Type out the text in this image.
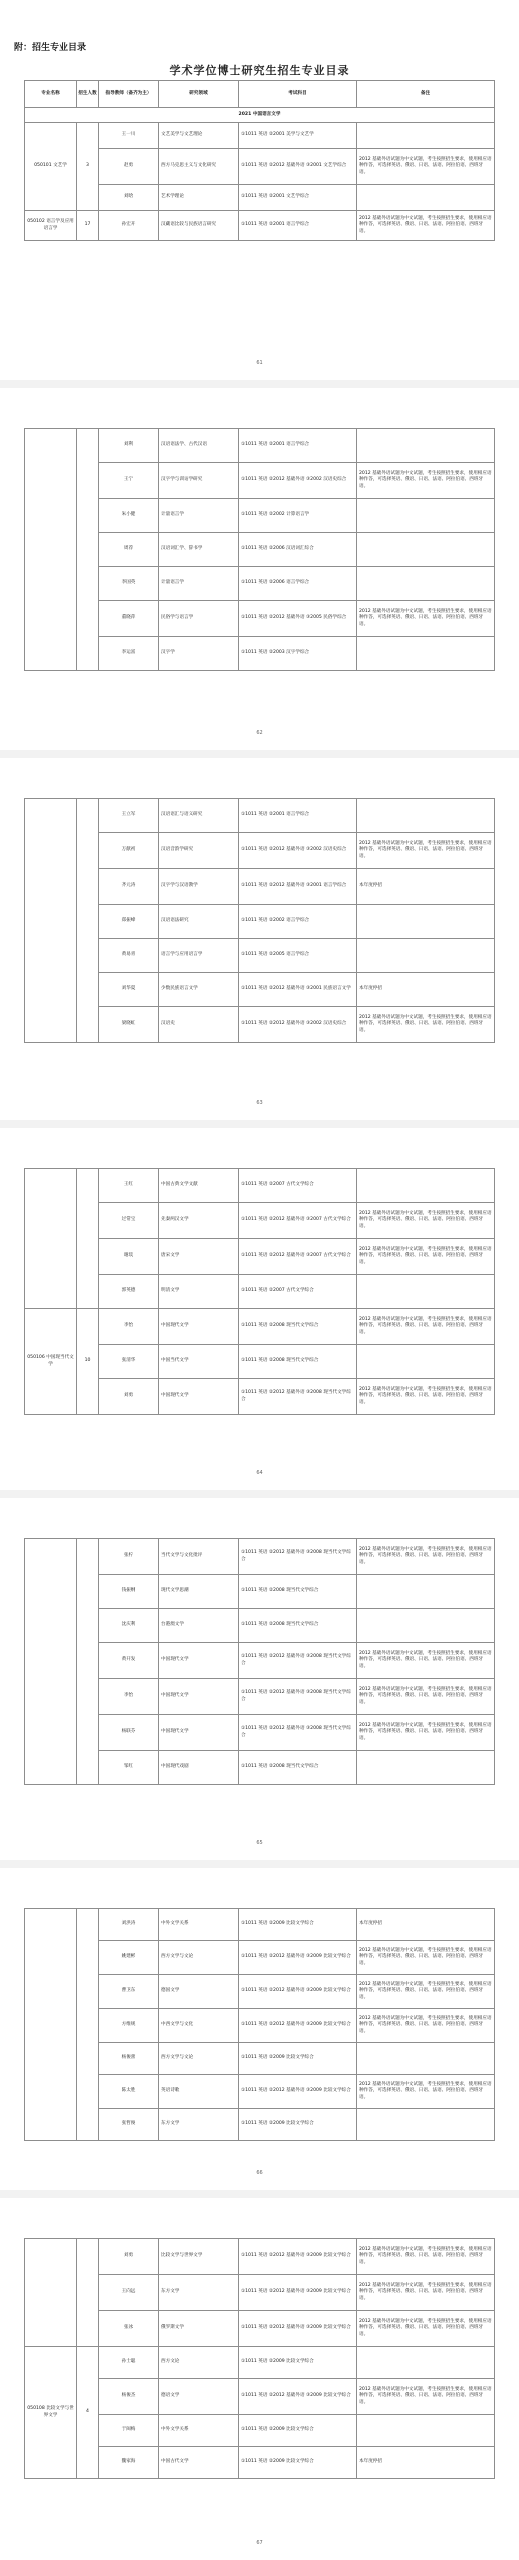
附：招生专业目录
学术学位博士研究生招生专业目录
专业名称	招生人数	指导教师（备齐为主）	研究领域	考试科目	备注
2021 中国语言文学					
050101 文艺学	3	王一川	文艺美学与文艺理论	①1011 英语 ②2001 美学与文艺学	
		赵勇	西方马克思主义与文化研究	①1011 英语 ②2012 基础外语 ③2001 文艺学综合	2012 基础外语试题为中文试题，考生按照招生要求，使用相应语种作答，可选择英语、俄语、日语、法语、阿拉伯语、西班牙语。
		刘晗	艺术学理论	①1011 英语 ②2001 文艺学综合	
050102 语言学及应用语言学	17	孙宏开	汉藏语比较与民族语言研究	①1011 英语 ②2001 语言学综合	2012 基础外语试题为中文试题，考生按照招生要求，使用相应语种作答，可选择英语、俄语、日语、法语、阿拉伯语、西班牙语。
61
		刘利	汉语语法学、古代汉语	①1011 英语 ②2001 语言学综合	
		王宁	汉字学与训诂学研究	①1011 英语 ②2012 基础外语 ③2002 汉语史综合	2012 基础外语试题为中文试题，考生按照招生要求，使用相应语种作答，可选择英语、俄语、日语、法语、阿拉伯语、西班牙语。
		朱小健	计量语言学	①1011 英语 ②2002 计算语言学	
		周荐	汉语词汇学、辞书学	①1011 英语 ②2006 汉语词汇综合	
		李国英	计量语言学	①1011 英语 ②2006 语言学综合	
		董晓萍	民俗学与语言学	①1011 英语 ②2012 基础外语 ③2005 民俗学综合	2012 基础外语试题为中文试题，考生按照招生要求，使用相应语种作答，可选择英语、俄语、日语、法语、阿拉伯语、西班牙语。
		李运富	汉字学	①1011 英语 ②2003 汉字学综合	
62
		王立军	汉语语汇与语义研究	①1011 英语 ②2001 语言学综合	
		万献初	汉语音韵学研究	①1011 英语 ②2012 基础外语 ③2002 汉语史综合	2012 基础外语试题为中文试题，考生按照招生要求，使用相应语种作答，可选择英语、俄语、日语、法语、阿拉伯语、西班牙语。
		齐元涛	汉字学与汉语教学	①1011 英语 ②2012 基础外语 ③2001 语言学综合	本年度停招
		郑振峰	汉语语法研究	①1011 英语 ②2002 语言学综合	
		黄易青	语言学与应用语言学	①1011 英语 ②2005 语言学综合	
		刘华夏	少数民族语言文学	①1011 英语 ②2012 基础外语 ③2001 民族语言文学	本年度停招
		梁晓虹	汉语史	①1011 英语 ②2012 基础外语 ③2002 汉语史综合	2012 基础外语试题为中文试题，考生按照招生要求，使用相应语种作答，可选择英语、俄语、日语、法语、阿拉伯语、西班牙语。
63
		王红	中国古典文学文献	①1011 英语 ②2007 古代文学综合	
		过常宝	先秦两汉文学	①1011 英语 ②2012 基础外语 ③2007 古代文学综合	2012 基础外语试题为中文试题，考生按照招生要求，使用相应语种作答，可选择英语、俄语、日语、法语、阿拉伯语、西班牙语。
		谢琰	唐宋文学	①1011 英语 ②2012 基础外语 ③2007 古代文学综合	2012 基础外语试题为中文试题，考生按照招生要求，使用相应语种作答，可选择英语、俄语、日语、法语、阿拉伯语、西班牙语。
		郭英德	明清文学	①1011 英语 ②2007 古代文学综合	
050106 中国现当代文学	10	李怡	中国现代文学	①1011 英语 ②2008 现当代文学综合	2012 基础外语试题为中文试题，考生按照招生要求，使用相应语种作答，可选择英语、俄语、日语、法语、阿拉伯语、西班牙语。
		张清华	中国当代文学	①1011 英语 ②2008 现当代文学综合	
		刘勇	中国现代文学	①1011 英语 ②2012 基础外语 ③2008 现当代文学综合	2012 基础外语试题为中文试题，考生按照招生要求，使用相应语种作答，可选择英语、俄语、日语、法语、阿拉伯语、西班牙语。
64
		张柠	当代文学与文化批评	①1011 英语 ②2012 基础外语 ③2008 现当代文学综合	2012 基础外语试题为中文试题，考生按照招生要求，使用相应语种作答，可选择英语、俄语、日语、法语、阿拉伯语、西班牙语。
		钱振纲	现代文学思潮	①1011 英语 ②2008 现当代文学综合	
		沈庆利	台港澳文学	①1011 英语 ②2008 现当代文学综合	
		黄开发	中国现代文学	①1011 英语 ②2012 基础外语 ③2008 现当代文学综合	2012 基础外语试题为中文试题，考生按照招生要求，使用相应语种作答，可选择英语、俄语、日语、法语、阿拉伯语、西班牙语。
		李怡	中国现代文学	①1011 英语 ②2012 基础外语 ③2008 现当代文学综合	2012 基础外语试题为中文试题，考生按照招生要求，使用相应语种作答，可选择英语、俄语、日语、法语、阿拉伯语、西班牙语。
		杨联芬	中国现代文学	①1011 英语 ②2012 基础外语 ③2008 现当代文学综合	2012 基础外语试题为中文试题，考生按照招生要求，使用相应语种作答，可选择英语、俄语、日语、法语、阿拉伯语、西班牙语。
		邹红	中国现代戏剧	①1011 英语 ②2008 现当代文学综合	
65
		刘洪涛	中外文学关系	①1011 英语 ②2009 比较文学综合	本年度停招
		姚建彬	西方文学与文论	①1011 英语 ②2012 基础外语 ③2009 比较文学综合	2012 基础外语试题为中文试题，考生按照招生要求，使用相应语种作答，可选择英语、俄语、日语、法语、阿拉伯语、西班牙语。
		曹卫东	德国文学	①1011 英语 ②2012 基础外语 ③2009 比较文学综合	2012 基础外语试题为中文试题，考生按照招生要求，使用相应语种作答，可选择英语、俄语、日语、法语、阿拉伯语、西班牙语。
		方维规	中西文学与文化	①1011 英语 ②2012 基础外语 ③2009 比较文学综合	2012 基础外语试题为中文试题，考生按照招生要求，使用相应语种作答，可选择英语、俄语、日语、法语、阿拉伯语、西班牙语。
		杨俊蕾	西方文学与文论	①1011 英语 ②2009 比较文学综合	
		陈太胜	英语诗歌	①1011 英语 ②2012 基础外语 ③2009 比较文学综合	2012 基础外语试题为中文试题，考生按照招生要求，使用相应语种作答，可选择英语、俄语、日语、法语、阿拉伯语、西班牙语。
		张哲俊	东方文学	①1011 英语 ②2009 比较文学综合	
66
		刘勇	比较文学与世界文学	①1011 英语 ②2012 基础外语 ③2009 比较文学综合	2012 基础外语试题为中文试题，考生按照招生要求，使用相应语种作答，可选择英语、俄语、日语、法语、阿拉伯语、西班牙语。
		王向远	东方文学	①1011 英语 ②2012 基础外语 ③2009 比较文学综合	2012 基础外语试题为中文试题，考生按照招生要求，使用相应语种作答，可选择英语、俄语、日语、法语、阿拉伯语、西班牙语。
		张冰	俄罗斯文学	①1011 英语 ②2012 基础外语 ③2009 比较文学综合	2012 基础外语试题为中文试题，考生按照招生要求，使用相应语种作答，可选择英语、俄语、日语、法语、阿拉伯语、西班牙语。
050108 比较文学与世界文学	4	孙士聪	西方文论	①1011 英语 ②2009 比较文学综合	
		杨俊杰	德语文学	①1011 英语 ②2012 基础外语 ③2009 比较文学综合	2012 基础外语试题为中文试题，考生按照招生要求，使用相应语种作答，可选择英语、俄语、日语、法语、阿拉伯语、西班牙语。
		于闽梅	中外文学关系	①1011 英语 ②2009 比较文学综合	
		魏家海	中国古代文学	①1011 英语 ②2009 比较文学综合	本年度停招
67
